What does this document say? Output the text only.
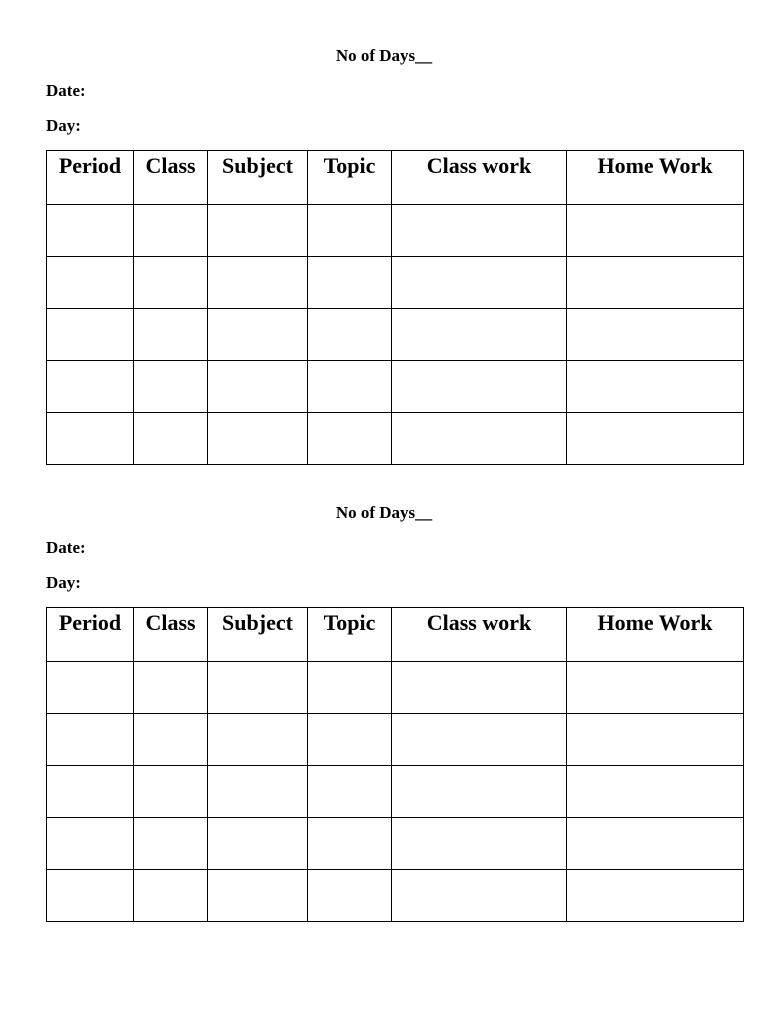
No of Days__
Date:
Day:
Period	Class	Subject	Topic	Class work	Home Work

No of Days__
Date:
Day:
Period	Class	Subject	Topic	Class work	Home Work
